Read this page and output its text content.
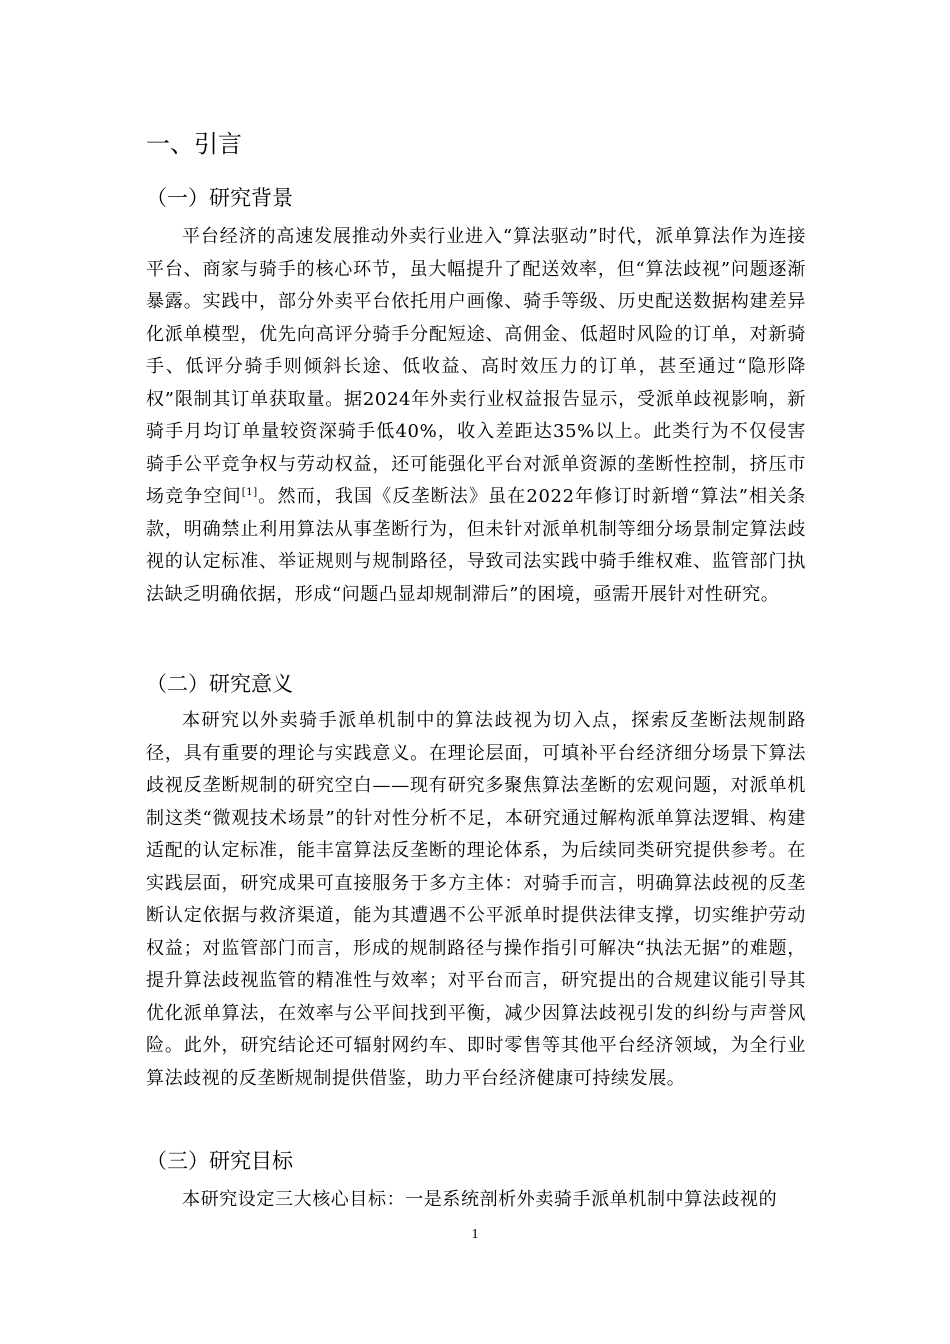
一、引言
（一）研究背景

平台经济的高速发展推动外卖行业进入“算法驱动”时代，派单算法作为连接平台、商家与骑手的核心环节，虽大幅提升了配送效率，但“算法歧视”问题逐渐暴露。实践中，部分外卖平台依托用户画像、骑手等级、历史配送数据构建差异化派单模型，优先向高评分骑手分配短途、高佣金、低超时风险的订单，对新骑手、低评分骑手则倾斜长途、低收益、高时效压力的订单，甚至通过“隐形降权”限制其订单获取量。据2024年外卖行业权益报告显示，受派单歧视影响，新骑手月均订单量较资深骑手低40%，收入差距达35%以上。此类行为不仅侵害骑手公平竞争权与劳动权益，还可能强化平台对派单资源的垄断性控制，挤压市场竞争空间[1]。然而，我国《反垄断法》虽在2022年修订时新增“算法”相关条款，明确禁止利用算法从事垄断行为，但未针对派单机制等细分场景制定算法歧视的认定标准、举证规则与规制路径，导致司法实践中骑手维权难、监管部门执法缺乏明确依据，形成“问题凸显却规制滞后”的困境，亟需开展针对性研究。

（二）研究意义

本研究以外卖骑手派单机制中的算法歧视为切入点，探索反垄断法规制路径，具有重要的理论与实践意义。在理论层面，可填补平台经济细分场景下算法歧视反垄断规制的研究空白——现有研究多聚焦算法垄断的宏观问题，对派单机制这类“微观技术场景”的针对性分析不足，本研究通过解构派单算法逻辑、构建适配的认定标准，能丰富算法反垄断的理论体系，为后续同类研究提供参考。在实践层面，研究成果可直接服务于多方主体：对骑手而言，明确算法歧视的反垄断认定依据与救济渠道，能为其遭遇不公平派单时提供法律支撑，切实维护劳动权益；对监管部门而言，形成的规制路径与操作指引可解决“执法无据”的难题，提升算法歧视监管的精准性与效率；对平台而言，研究提出的合规建议能引导其优化派单算法，在效率与公平间找到平衡，减少因算法歧视引发的纠纷与声誉风险。此外，研究结论还可辐射网约车、即时零售等其他平台经济领域，为全行业算法歧视的反垄断规制提供借鉴，助力平台经济健康可持续发展。

（三）研究目标

本研究设定三大核心目标：一是系统剖析外卖骑手派单机制中算法歧视的

1
